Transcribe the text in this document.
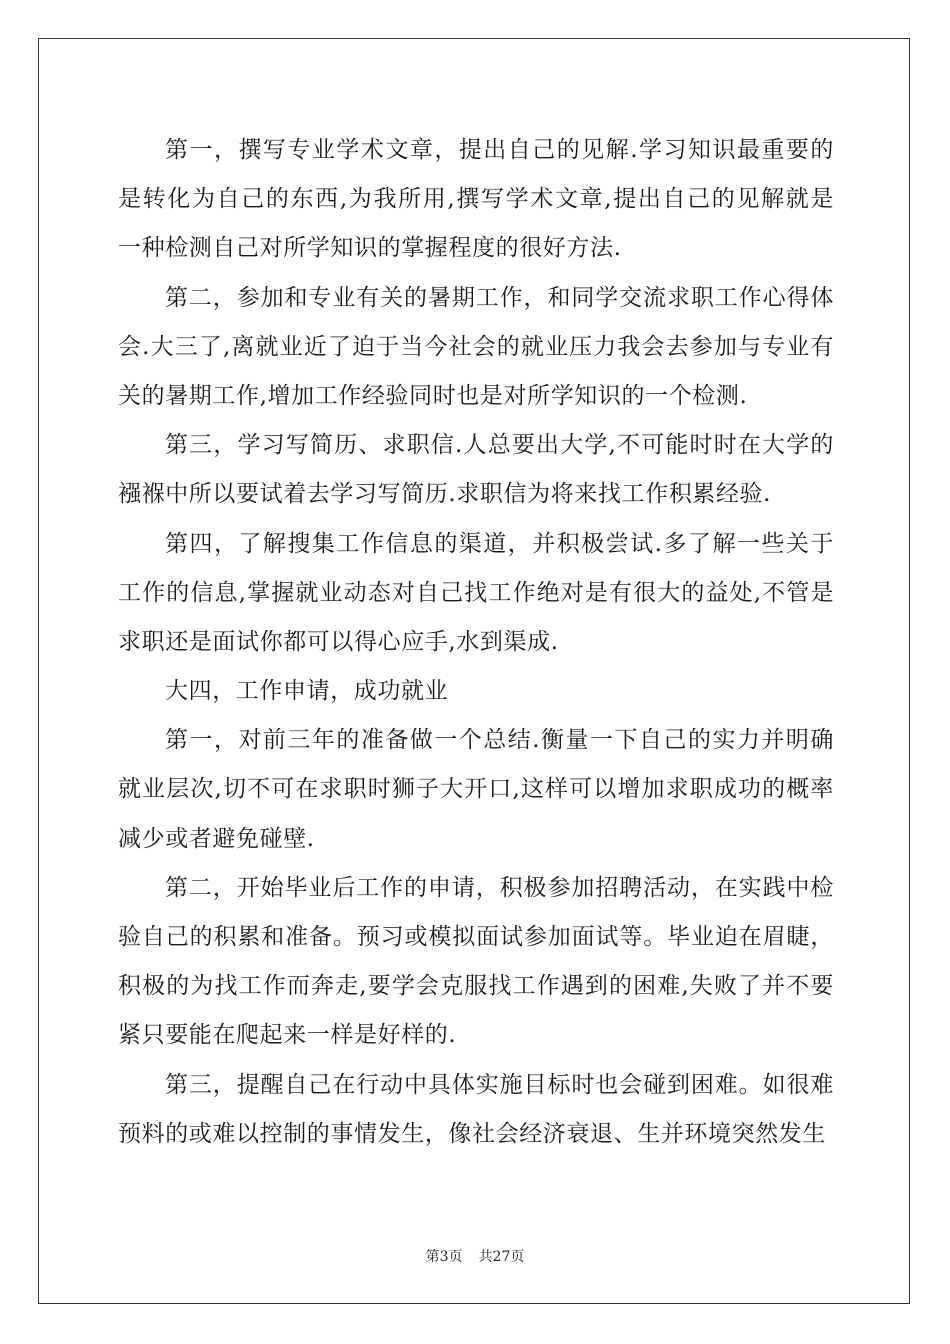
第一，撰写专业学术文章，提出自己的见解.学习知识最重要的
是转化为自己的东西,为我所用,撰写学术文章,提出自己的见解就是
一种检测自己对所学知识的掌握程度的很好方法.
第二，参加和专业有关的暑期工作，和同学交流求职工作心得体
会.大三了,离就业近了迫于当今社会的就业压力我会去参加与专业有
关的暑期工作,增加工作经验同时也是对所学知识的一个检测.
第三，学习写简历、求职信.人总要出大学,不可能时时在大学的
襁褓中所以要试着去学习写简历.求职信为将来找工作积累经验.
第四，了解搜集工作信息的渠道，并积极尝试.多了解一些关于
工作的信息,掌握就业动态对自己找工作绝对是有很大的益处,不管是
求职还是面试你都可以得心应手,水到渠成.
大四，工作申请，成功就业
第一，对前三年的准备做一个总结.衡量一下自己的实力并明确
就业层次,切不可在求职时狮子大开口,这样可以增加求职成功的概率
减少或者避免碰壁.
第二，开始毕业后工作的申请，积极参加招聘活动，在实践中检
验自己的积累和准备。预习或模拟面试参加面试等。毕业迫在眉睫，
积极的为找工作而奔走,要学会克服找工作遇到的困难,失败了并不要
紧只要能在爬起来一样是好样的.
第三，提醒自己在行动中具体实施目标时也会碰到困难。如很难
预料的或难以控制的事情发生，像社会经济衰退、生并环境突然发生
第3页 共27页
